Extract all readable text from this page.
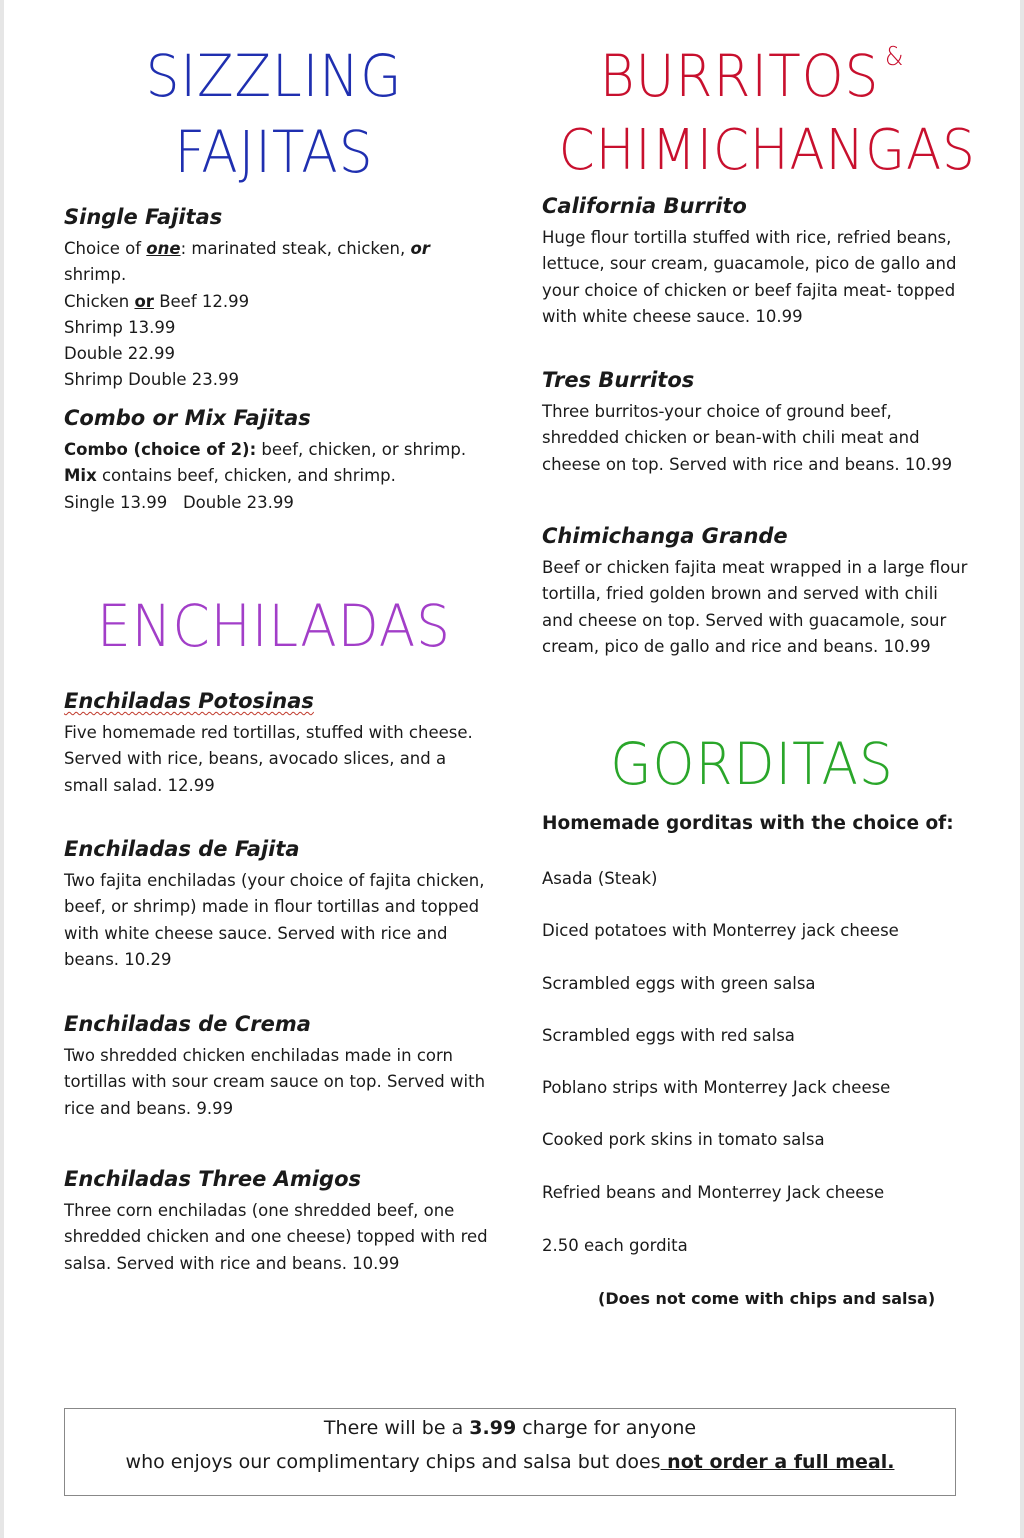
SIZZLING
FAJITAS
Single Fajitas
Choice of one: marinated steak, chicken, or shrimp.
Chicken or Beef 12.99
Shrimp 13.99
Double 22.99
Shrimp Double 23.99
Combo or Mix Fajitas
Combo (choice of 2): beef, chicken, or shrimp.
Mix contains beef, chicken, and shrimp.
Single 13.99   Double 23.99
ENCHILADAS
Enchiladas Potosinas
Five homemade red tortillas, stuffed with cheese. Served with rice, beans, avocado slices, and a small salad. 12.99
Enchiladas de Fajita
Two fajita enchiladas (your choice of fajita chicken, beef, or shrimp) made in flour tortillas and topped with white cheese sauce. Served with rice and beans. 10.29
Enchiladas de Crema
Two shredded chicken enchiladas made in corn tortillas with sour cream sauce on top. Served with rice and beans. 9.99
Enchiladas Three Amigos
Three corn enchiladas (one shredded beef, one shredded chicken and one cheese) topped with red salsa. Served with rice and beans. 10.99
BURRITOS &
CHIMICHANGAS
California Burrito
Huge flour tortilla stuffed with rice, refried beans, lettuce, sour cream, guacamole, pico de gallo and your choice of chicken or beef fajita meat- topped with white cheese sauce. 10.99
Tres Burritos
Three burritos-your choice of ground beef, shredded chicken or bean-with chili meat and cheese on top. Served with rice and beans. 10.99
Chimichanga Grande
Beef or chicken fajita meat wrapped in a large flour tortilla, fried golden brown and served with chili and cheese on top. Served with guacamole, sour cream, pico de gallo and rice and beans. 10.99
GORDITAS
Homemade gorditas with the choice of:
Asada (Steak)
Diced potatoes with Monterrey jack cheese
Scrambled eggs with green salsa
Scrambled eggs with red salsa
Poblano strips with Monterrey Jack cheese
Cooked pork skins in tomato salsa
Refried beans and Monterrey Jack cheese
2.50 each gordita
(Does not come with chips and salsa)
There will be a 3.99 charge for anyone
who enjoys our complimentary chips and salsa but does not order a full meal.
